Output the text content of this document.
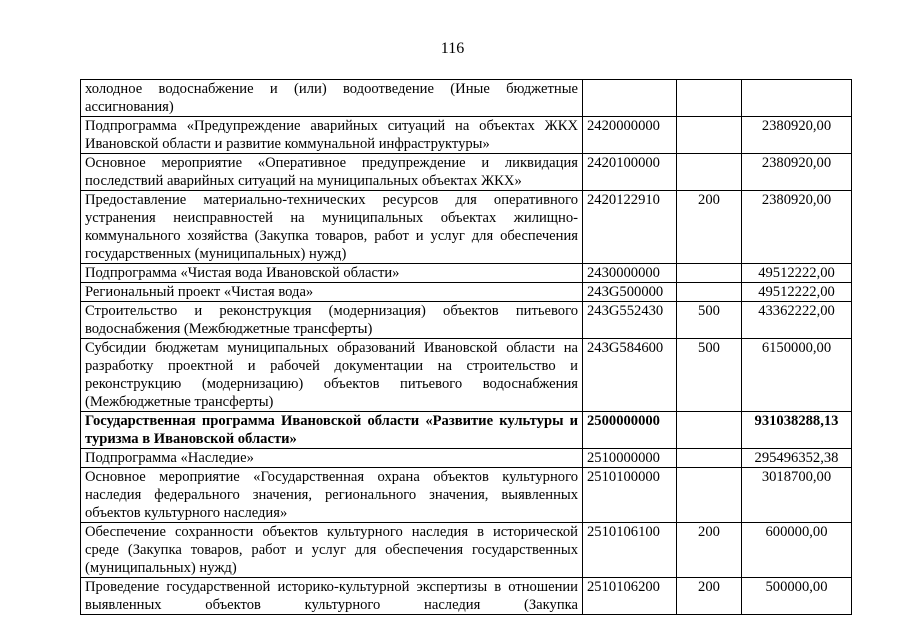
116
холодное водоснабжение и (или) водоотведение (Иные бюджетные ассигнования)			
Подпрограмма «Предупреждение аварийных ситуаций на объектах ЖКХ Ивановской области и развитие коммунальной инфраструктуры»	2420000000		2380920,00
Основное мероприятие «Оперативное предупреждение и ликвидация последствий аварийных ситуаций на муниципальных объектах ЖКХ»	2420100000		2380920,00
Предоставление материально-технических ресурсов для оперативного устранения неисправностей на муниципальных объектах жилищно-коммунального хозяйства (Закупка товаров, работ и услуг для обеспечения государственных (муниципальных) нужд)	2420122910	200	2380920,00
Подпрограмма «Чистая вода Ивановской области»	2430000000		49512222,00
Региональный проект «Чистая вода»	243G500000		49512222,00
Строительство и реконструкция (модернизация) объектов питьевого водоснабжения (Межбюджетные трансферты)	243G552430	500	43362222,00
Субсидии бюджетам муниципальных образований Ивановской области на разработку проектной и рабочей документации на строительство и реконструкцию (модернизацию) объектов питьевого водоснабжения (Межбюджетные трансферты)	243G584600	500	6150000,00
Государственная программа Ивановской области «Развитие культуры и туризма в Ивановской области»	2500000000		931038288,13
Подпрограмма «Наследие»	2510000000		295496352,38
Основное мероприятие «Государственная охрана объектов культурного наследия федерального значения, регионального значения, выявленных объектов культурного наследия»	2510100000		3018700,00
Обеспечение сохранности объектов культурного наследия в исторической среде (Закупка товаров, работ и услуг для обеспечения государственных (муниципальных) нужд)	2510106100	200	600000,00
Проведение государственной историко-культурной экспертизы в отношении выявленных объектов культурного наследия (Закупка	2510106200	200	500000,00
